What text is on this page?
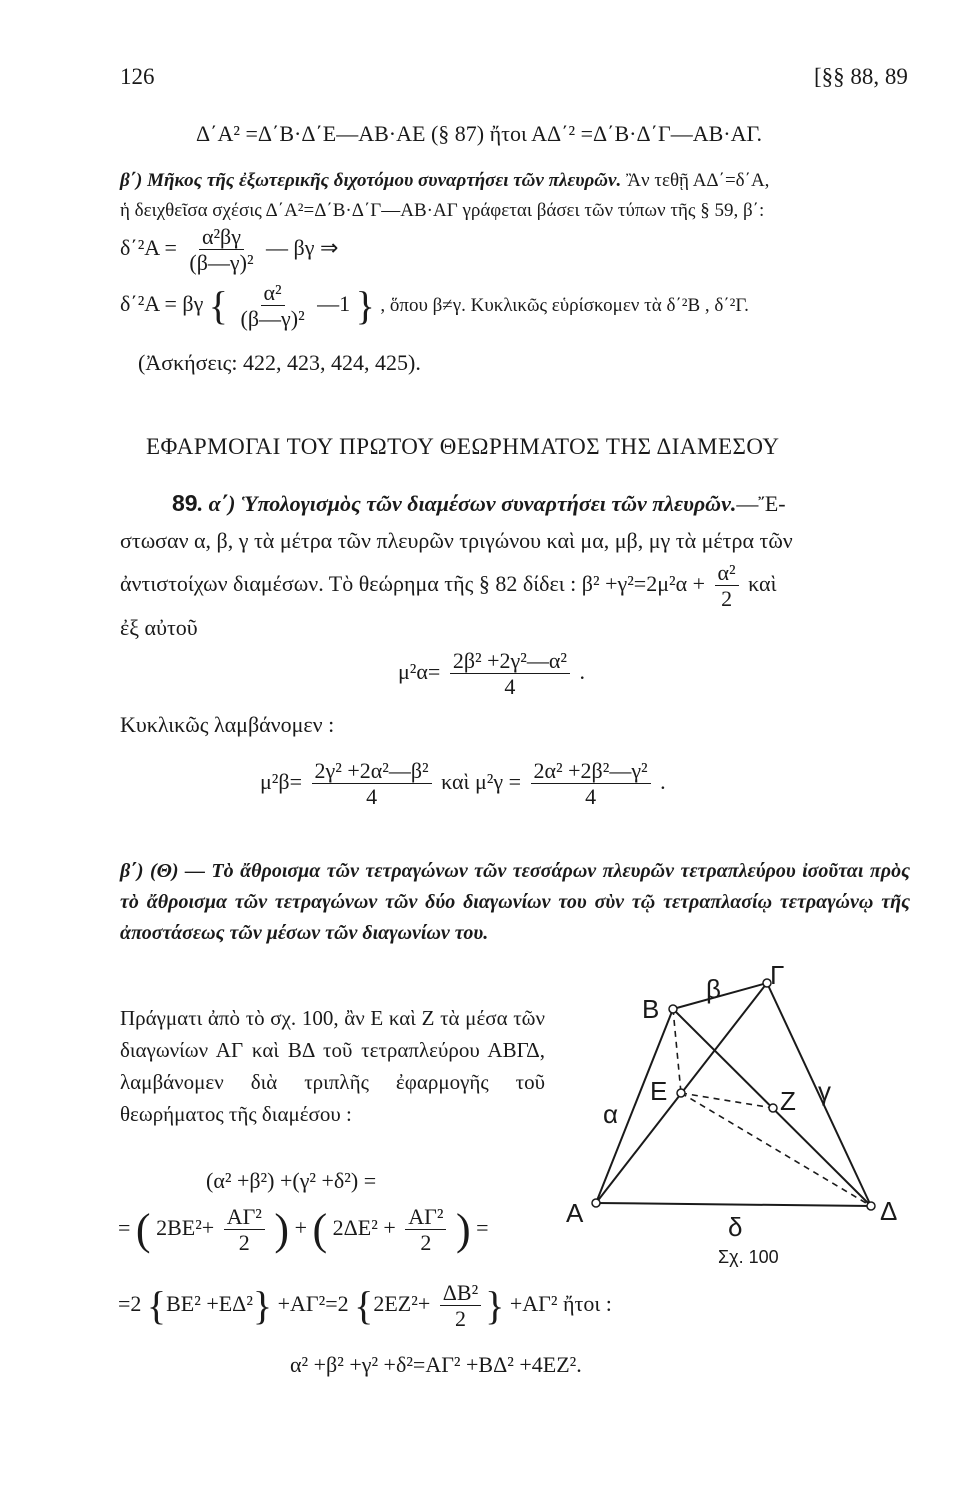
126	[§§ 88, 89
Δ΄Α² =Δ΄Β·Δ΄Ε—ΑΒ·ΑΕ (§ 87) ἤτοι ΑΔ΄² =Δ΄Β·Δ΄Γ—ΑΒ·ΑΓ.
β΄) Μῆκος τῆς ἐξωτερικῆς διχοτόμου συναρτήσει τῶν πλευρῶν. Ἂν τεθῇ ΑΔ΄=δ΄Α,
ἡ δειχθεῖσα σχέσις Δ΄Α²=Δ΄Β·Δ΄Γ—ΑΒ·ΑΓ γράφεται βάσει τῶν τύπων τῆς § 59, β΄:
$\delta΄^2A = \frac{\text{α²βγ}}{\text{(β—γ)²}}$ — βγ ⇒
δ΄²Α = βγ { $\frac{\text{α²}}{\text{(β—γ)²}}$ —1 } , ὅπου β≠γ. Κυκλικῶς εὑρίσκομεν τὰ δ΄²Β , δ΄²Γ.
(Ἀσκήσεις: 422, 423, 424, 425).
ΕΦΑΡΜΟΓΑΙ ΤΟΥ ΠΡΩΤΟΥ ΘΕΩΡΗΜΑΤΟΣ ΤΗΣ ΔΙΑΜΕΣΟΥ
89. α΄) Ὑπολογισμὸς τῶν διαμέσων συναρτήσει τῶν πλευρῶν.—Ἔ-
στωσαν α, β, γ τὰ μέτρα τῶν πλευρῶν τριγώνου καὶ μα, μβ, μγ τὰ μέτρα τῶν
ἀντιστοίχων διαμέσων. Τὸ θεώρημα τῆς § 82 δίδει : $\beta^2 +\gamma^2=2\mu^2\alpha + \frac{\text{α²}}{2}$ καὶ
ἐξ αὐτοῦ
$\mu^2\alpha= \frac{\text{2β² +2γ²—α²}}{4}$ .
Κυκλικῶς λαμβάνομεν :
$\mu^2\beta= \frac{\text{2γ² +2α²—β²}}{4}$ καὶ $\mu^2\gamma = \frac{\text{2α² +2β²—γ²}}{4}$ .
β΄) (Θ) — Τὸ ἄθροισμα τῶν τετραγώνων τῶν τεσσάρων πλευρῶν τετραπλεύρου ἰσοῦται πρὸς τὸ ἄθροισμα τῶν τετραγώνων τῶν δύο διαγωνίων του σὺν τῷ τετραπλασίῳ τετραγώνῳ τῆς ἀποστάσεως τῶν μέσων τῶν διαγωνίων του.
Πράγματι ἀπὸ τὸ σχ. 100, ἂν Ε καὶ Ζ τὰ μέσα τῶν διαγωνίων ΑΓ καὶ ΒΔ τοῦ τετραπλεύρου ΑΒΓΔ, λαμβάνομεν διὰ τριπλῆς ἐφαρμογῆς τοῦ θεωρήματος τῆς διαμέσου :
(α² +β²) +(γ² +δ²) =
= ( $2BE^2+ \frac{\text{ΑΓ²}}{2}$ ) + ( $2\Delta E^2 + \frac{\text{ΑΓ²}}{2}$ ) =
=2 {ΒΕ² +ΕΔ²} +ΑΓ²=2 {$2EZ^2+ \frac{\text{ΔΒ²}}{2}$ } +ΑΓ² ἤτοι :
α² +β² +γ² +δ²=ΑΓ² +ΒΔ² +4ΕΖ².
Α
Β
Γ
Δ
Ε	Ζ
α
β
γ
δ
Σχ. 100
